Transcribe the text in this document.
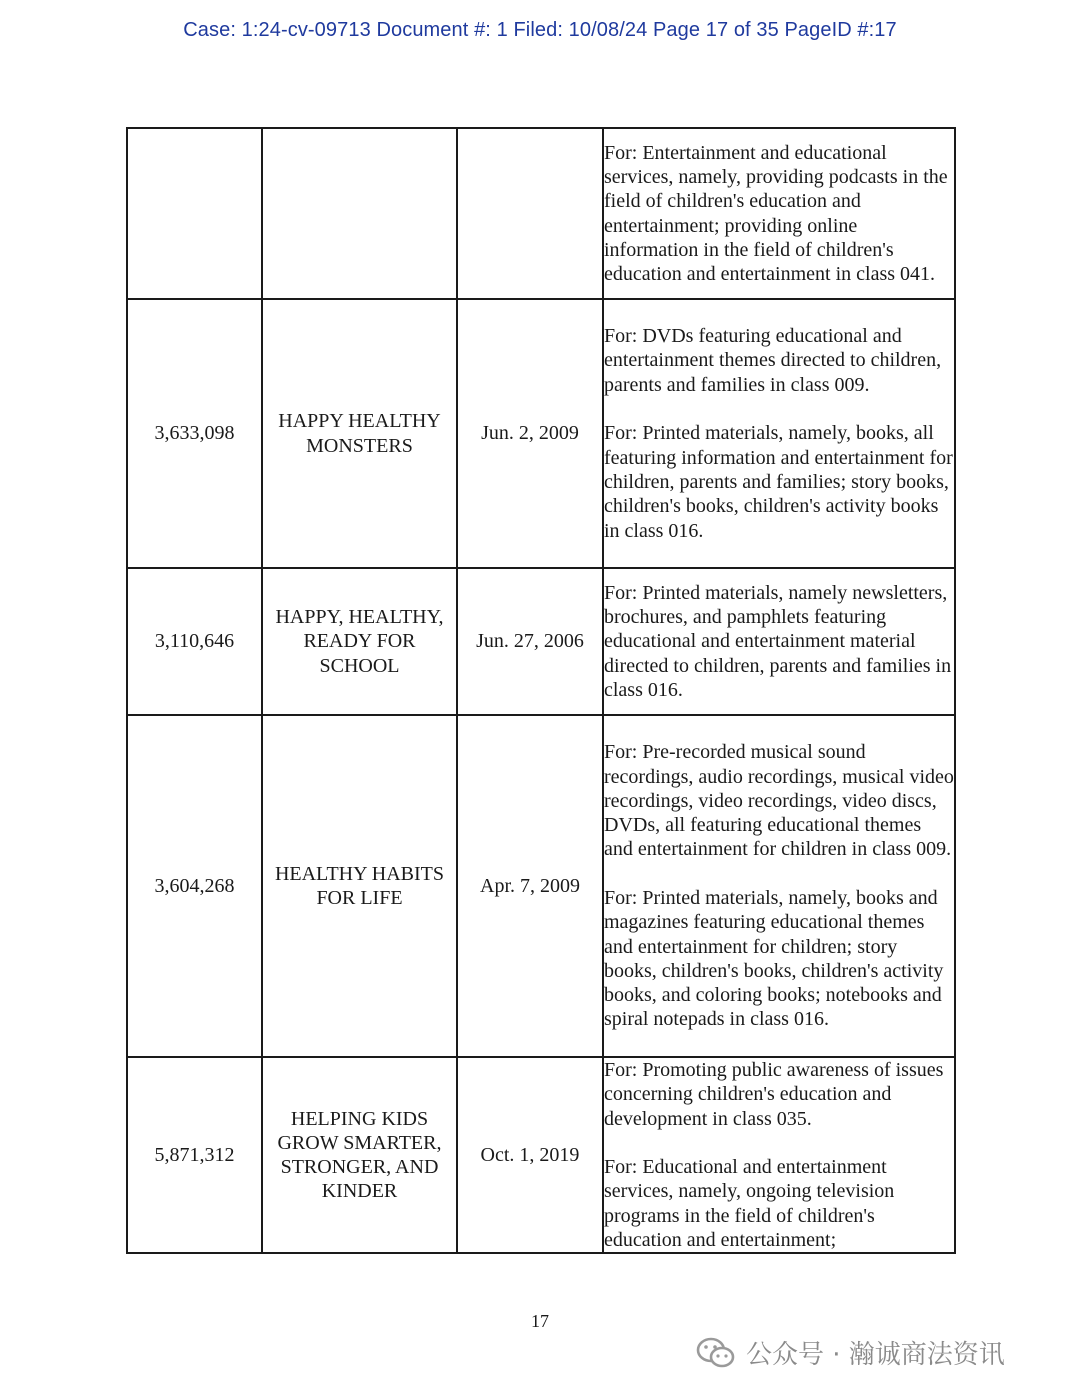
Case: 1:24-cv-09713 Document #: 1 Filed: 10/08/24 Page 17 of 35 PageID #:17

			For: Entertainment and educational services, namely, providing podcasts in the field of children's education and entertainment; providing online information in the field of children's education and entertainment in class 041.

3,633,098	HAPPY HEALTHY MONSTERS	Jun. 2, 2009	For: DVDs featuring educational and entertainment themes directed to children, parents and families in class 009.
For: Printed materials, namely, books, all featuring information and entertainment for children, parents and families; story books, children's books, children's activity books in class 016.

3,110,646	HAPPY, HEALTHY, READY FOR SCHOOL	Jun. 27, 2006	For: Printed materials, namely newsletters, brochures, and pamphlets featuring educational and entertainment material directed to children, parents and families in class 016.

3,604,268	HEALTHY HABITS FOR LIFE	Apr. 7, 2009	For: Pre-recorded musical sound recordings, audio recordings, musical video recordings, video recordings, video discs, DVDs, all featuring educational themes and entertainment for children in class 009.
For: Printed materials, namely, books and magazines featuring educational themes and entertainment for children; story books, children's books, children's activity books, and coloring books; notebooks and spiral notepads in class 016.

5,871,312	HELPING KIDS GROW SMARTER, STRONGER, AND KINDER	Oct. 1, 2019	For: Promoting public awareness of issues concerning children's education and development in class 035.
For: Educational and entertainment services, namely, ongoing television programs in the field of children's education and entertainment;
17
公众号 · 瀚诚商法资讯
